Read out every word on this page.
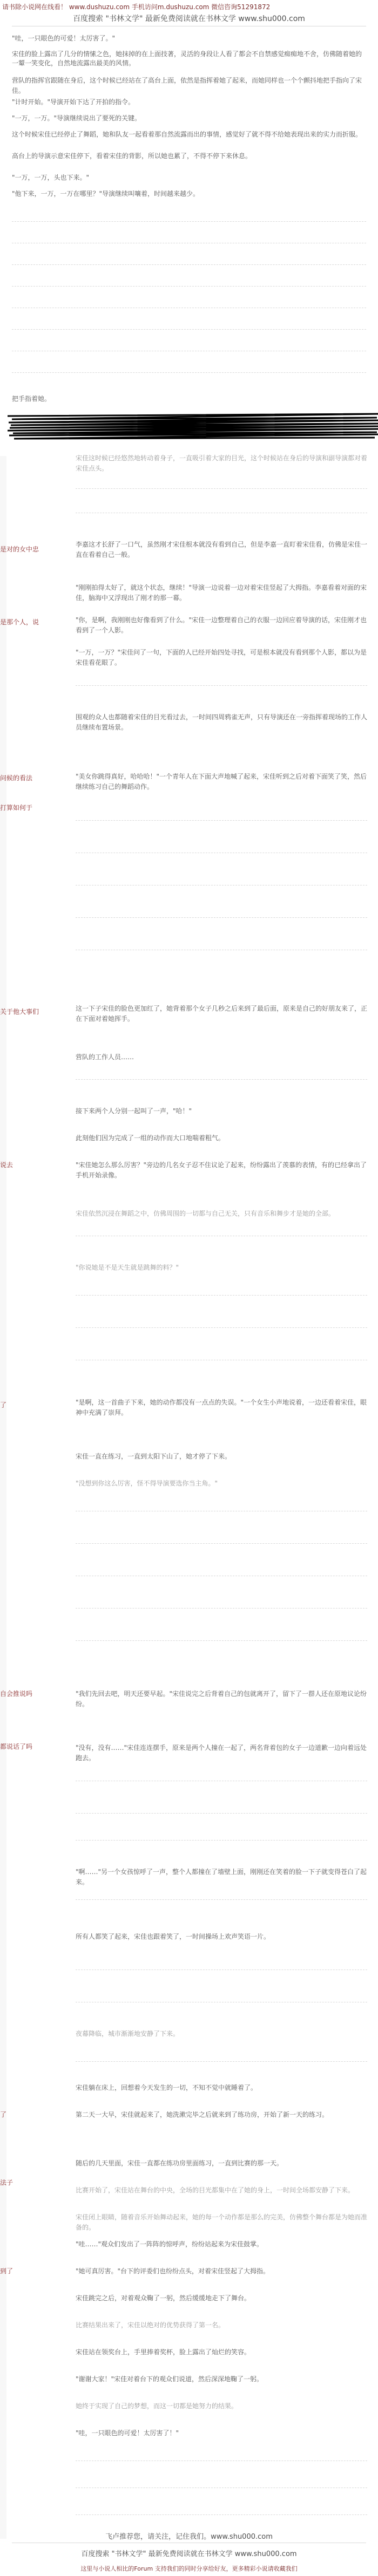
请书除小说网在线看！ www.dushuzu.com 手机访问m.dushuzu.com 微信咨询51291872
百度搜索 "书林文学" 最新免费阅读就在书林文学 www.shu000.com
"哇，一只眼色的可爱！太厉害了。"
宋佳的脸上露出了几分的情愫之色，她抹掉的在上面技著，灵活的身段让人看了都会不自禁感觉痴痴地不舍，仿佛随着她的一颦一笑变化，自然地流露出最美的风情。
营队的指挥官跟随在身后，这个时候已经站在了高台上面，依然是指挥着她了起来，而她同样也一个个颤抖地把手指向了宋佳。
"计时开始。"导演开始下达了开拍的指令。
"一万，一万。"导演继续说出了要死的关键。
这个时候宋佳已经停止了舞蹈，她和队友一起看着那自然流露而出的事情，感觉好了就不得不给她表现出来的实力而折服。
高台上的导演示意宋佳停下，看着宋佳的背影，所以她也累了，不得不停下来休息。
"一万，一万，头也下来。"
"他下来，一万，一万在哪里？"导演继续叫嚷着，时间越来越少。
把手指着她。
是对的女中忠
是那个人，说
问候的看法
打算如何于
关于他大事们
说去
了
自会推说吗
都说话了吗
了
法子
到了
宋佳这时候已经悠然地转动着身子，一直吸引着大家的目光，这个时候站在身后的导演和副导演都对着宋佳点头。
李嘉这才长舒了一口气，虽然刚才宋佳根本就没有看到自己，但是李嘉一直盯着宋佳看，仿佛是宋佳一直在看着自己一般。
"刚刚拍得太好了，就这个状态，继续！"导演一边说着一边对着宋佳竖起了大拇指。李嘉看着对面的宋佳，脑海中又浮现出了刚才的那一幕。
"你，是啊，我刚刚也好像看到了什么。"宋佳一边整理着自己的衣服一边回应着导演的话，宋佳刚才也看到了一个人影。
"一万，一万？"宋佳问了一句，下面的人已经开始四处寻找，可是根本就没有看到那个人影，都以为是宋佳看花眼了。
围观的众人也都随着宋佳的目光看过去，一时间四周鸦雀无声，只有导演还在一旁指挥着现场的工作人员继续布置场景。
"美女你跳得真好，哈哈哈！"一个青年人在下面大声地喊了起来，宋佳听到之后对着下面笑了笑，然后继续练习自己的舞蹈动作。
这一下子宋佳的脸色更加红了，她背着那个女子几秒之后来到了最后面，原来是自己的好朋友来了，正在下面对着她挥手。
营队的工作人员……
接下来两个人分别一起叫了一声，"哈！"
此刻他们因为完成了一组的动作而大口地喘着粗气。
"宋佳她怎么那么厉害？"旁边的几名女子忍不住议论了起来，纷纷露出了羡慕的表情，有的已经拿出了手机开始录像。
宋佳依然沉浸在舞蹈之中，仿佛周围的一切都与自己无关，只有音乐和舞步才是她的全部。
"你说她是不是天生就是跳舞的料？"
"是啊，这一首曲子下来，她的动作都没有一点点的失误。"一个女生小声地说着，一边还看着宋佳，眼神中充满了崇拜。
宋佳一直在练习，一直到太阳下山了，她才停了下来。
"没想到你这么厉害，怪不得导演要选你当主角。"
"我们先回去吧，明天还要早起。"宋佳说完之后背着自己的包就离开了，留下了一群人还在原地议论纷纷。
"没有，没有……"宋佳连连摆手，原来是两个人撞在一起了，两名背着包的女子一边道歉一边向着远处跑去。
"啊……"另一个女孩惊呼了一声，整个人都撞在了墙壁上面，刚刚还在笑着的脸一下子就变得苍白了起来。
所有人都笑了起来，宋佳也跟着笑了，一时间操场上欢声笑语一片。
夜幕降临，城市渐渐地安静了下来。
宋佳躺在床上，回想着今天发生的一切，不知不觉中就睡着了。
第二天一大早，宋佳就起来了，她洗漱完毕之后就来到了练功房，开始了新一天的练习。
随后的几天里面，宋佳一直都在练功房里面练习，一直到比赛的那一天。
比赛开始了，宋佳站在舞台的中央，全场的目光都集中在了她的身上，一时间全场都安静了下来。
宋佳闭上眼睛，随着音乐开始舞动起来，她的每一个动作都是那么的完美，仿佛整个舞台都是为她而准备的。
"哇……"观众们发出了一阵阵的惊呼声，纷纷站起来为宋佳鼓掌。
"她可真厉害。"台下的评委们也纷纷点头，对着宋佳竖起了大拇指。
宋佳跳完之后，对着观众鞠了一躬，然后缓缓地走下了舞台。
比赛结果出来了，宋佳以绝对的优势获得了第一名。
宋佳站在领奖台上，手里捧着奖杯，脸上露出了灿烂的笑容。
"谢谢大家！"宋佳对着台下的观众们说道，然后深深地鞠了一躬。
她终于实现了自己的梦想，而这一切都是她努力的结果。
"哇，一只眼色的可爱！太厉害了！"
飞卢推荐您，请关注，记住我们。www.shu000.com
百度搜索 "书林文学" 最新免费阅读就在书林文学 www.shu000.com
这里与小说人相比的Forum 支持我们的同时分享给好友，更多精彩小说请收藏我们
